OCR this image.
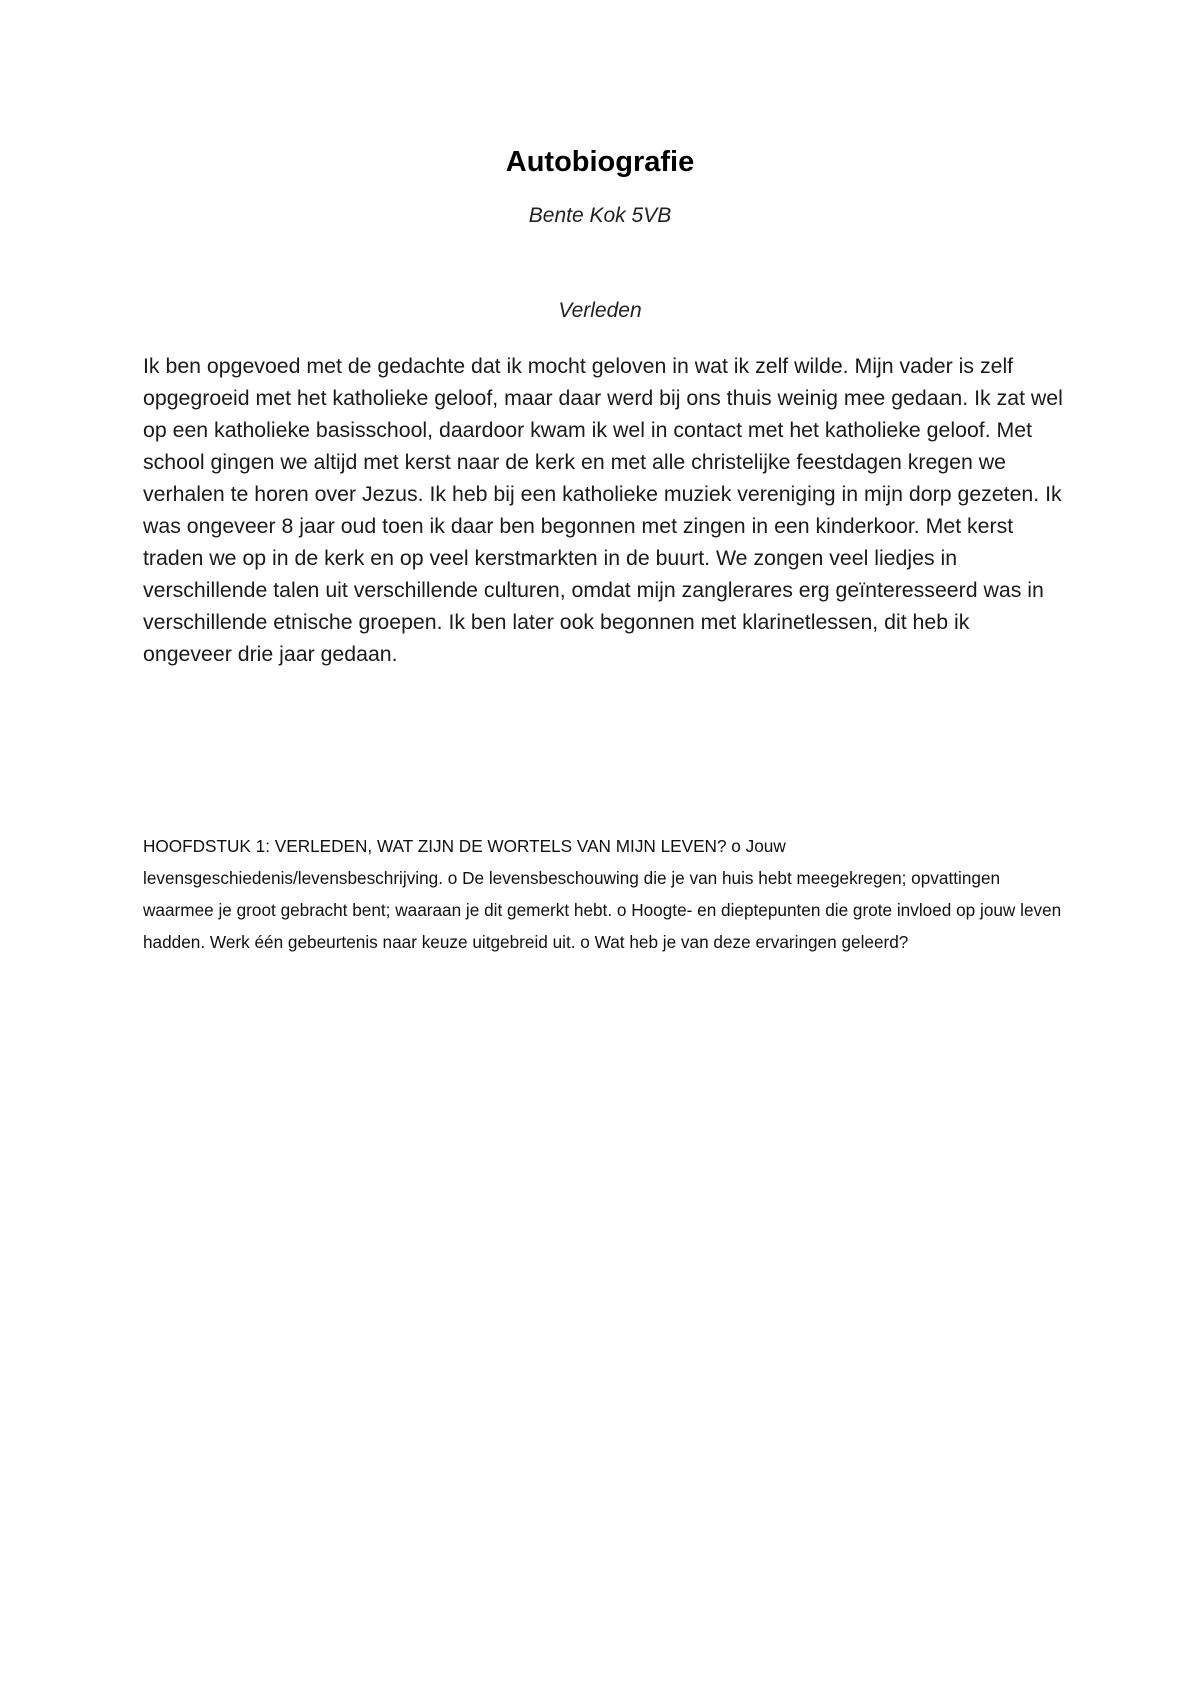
Autobiografie
Bente Kok 5VB
Verleden

Ik ben opgevoed met de gedachte dat ik mocht geloven in wat ik zelf wilde. Mijn vader is zelf opgegroeid met het katholieke geloof, maar daar werd bij ons thuis weinig mee gedaan. Ik zat wel op een katholieke basisschool, daardoor kwam ik wel in contact met het katholieke geloof. Met school gingen we altijd met kerst naar de kerk en met alle christelijke feestdagen kregen we verhalen te horen over Jezus. Ik heb bij een katholieke muziek vereniging in mijn dorp gezeten. Ik was ongeveer 8 jaar oud toen ik daar ben begonnen met zingen in een kinderkoor. Met kerst traden we op in de kerk en op veel kerstmarkten in de buurt. We zongen veel liedjes in verschillende talen uit verschillende culturen, omdat mijn zanglerares erg geïnteresseerd was in verschillende etnische groepen. Ik ben later ook begonnen met klarinetlessen, dit heb ik ongeveer drie jaar gedaan.

HOOFDSTUK 1: VERLEDEN, WAT ZIJN DE WORTELS VAN MIJN LEVEN? o Jouw levensgeschiedenis/levensbeschrijving. o De levensbeschouwing die je van huis hebt meegekregen; opvattingen waarmee je groot gebracht bent; waaraan je dit gemerkt hebt. o Hoogte- en dieptepunten die grote invloed op jouw leven hadden. Werk één gebeurtenis naar keuze uitgebreid uit. o Wat heb je van deze ervaringen geleerd?
